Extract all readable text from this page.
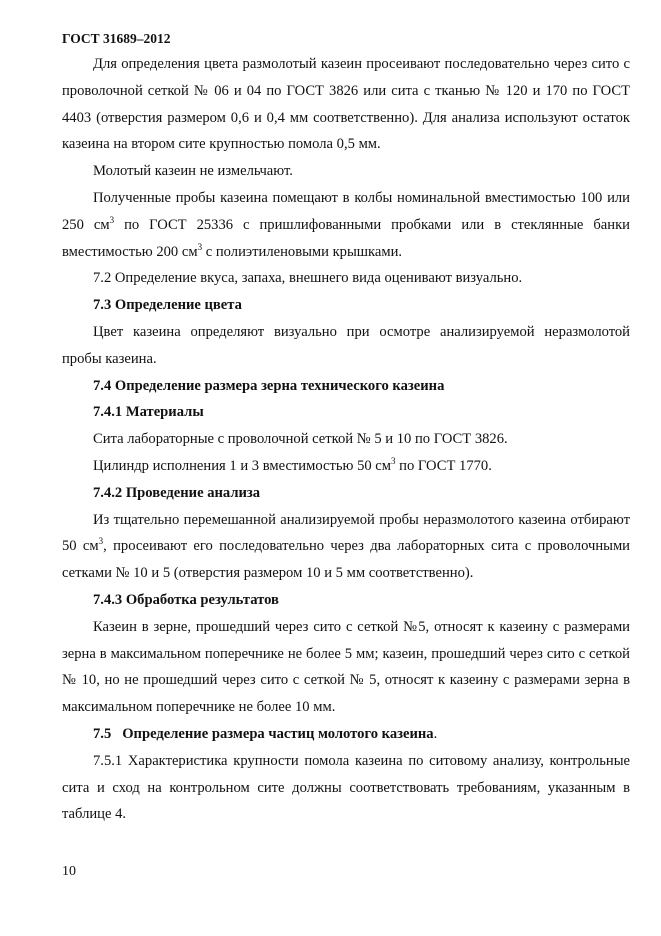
ГОСТ 31689–2012

Для определения цвета размолотый казеин просеивают последовательно через сито с проволочной сеткой № 06 и 04 по ГОСТ 3826 или сита с тканью № 120 и 170 по ГОСТ 4403 (отверстия размером 0,6 и 0,4 мм соответственно). Для анализа используют остаток казеина на втором сите крупностью помола 0,5 мм.

Молотый казеин не измельчают.

Полученные пробы казеина помещают в колбы номинальной вместимостью 100 или 250 $см^3$ по ГОСТ 25336 с пришлифованными пробками или в стеклянные банки вместимостью 200 $см^3$ с полиэтиленовыми крышками.

7.2 Определение вкуса, запаха, внешнего вида оценивают визуально.

7.3 Определение цвета

Цвет казеина определяют визуально при осмотре анализируемой неразмолотой пробы казеина.

7.4 Определение размера зерна технического казеина

7.4.1 Материалы

Сита лабораторные с проволочной сеткой № 5 и 10 по ГОСТ 3826.

Цилиндр исполнения 1 и 3 вместимостью 50 $см^3$ по ГОСТ 1770.

7.4.2 Проведение анализа

Из тщательно перемешанной анализируемой пробы неразмолотого казеина отбирают 50 $см^3$, просеивают его последовательно через два лабораторных сита с проволочными сетками № 10 и 5 (отверстия размером 10 и 5 мм соответственно).

7.4.3 Обработка результатов

Казеин в зерне, прошедший через сито с сеткой №5, относят к казеину с размерами зерна в максимальном поперечнике не более 5 мм; казеин, прошедший через сито с сеткой № 10, но не прошедший через сито с сеткой № 5, относят к казеину с размерами зерна в максимальном поперечнике не более 10 мм.

7.5 Определение размера частиц молотого казеина.

7.5.1 Характеристика крупности помола казеина по ситовому анализу, контрольные сита и сход на контрольном сите должны соответствовать требованиям, указанным в таблице 4.

10
